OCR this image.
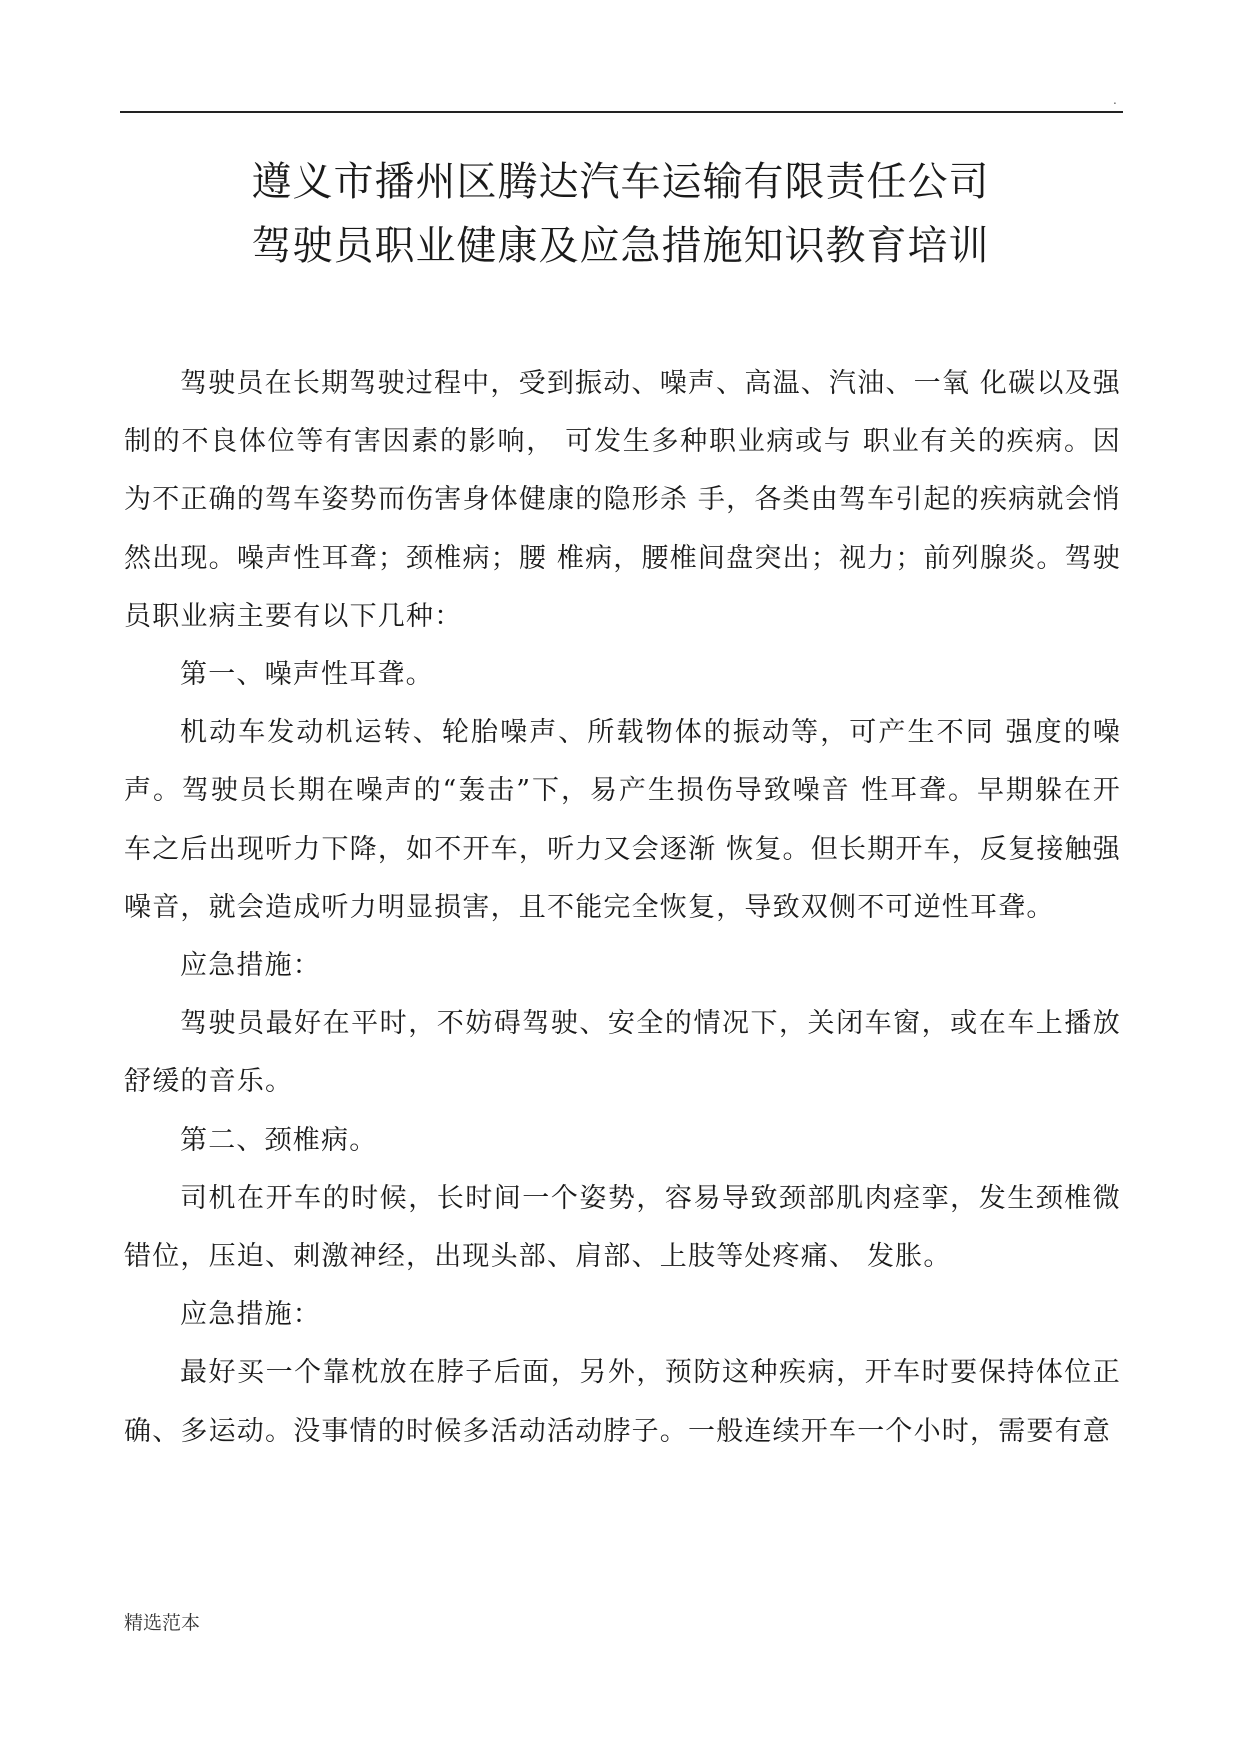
.
遵义市播州区腾达汽车运输有限责任公司
驾驶员职业健康及应急措施知识教育培训

驾驶员在长期驾驶过程中，受到振动、噪声、高温、汽油、一氧 化碳以及强制的不良体位等有害因素的影响， 可发生多种职业病或与 职业有关的疾病。因为不正确的驾车姿势而伤害身体健康的隐形杀 手，各类由驾车引起的疾病就会悄然出现。噪声性耳聋；颈椎病；腰 椎病，腰椎间盘突出；视力；前列腺炎。驾驶员职业病主要有以下几种：

第一、噪声性耳聋。

机动车发动机运转、轮胎噪声、所载物体的振动等，可产生不同 强度的噪声。驾驶员长期在噪声的“轰击”下，易产生损伤导致噪音 性耳聋。早期躲在开车之后出现听力下降，如不开车，听力又会逐渐 恢复。但长期开车，反复接触强噪音，就会造成听力明显损害，且不能完全恢复，导致双侧不可逆性耳聋。

应急措施：

驾驶员最好在平时，不妨碍驾驶、安全的情况下，关闭车窗，或在车上播放舒缓的音乐。

第二、颈椎病。

司机在开车的时候，长时间一个姿势，容易导致颈部肌肉痉挛，发生颈椎微错位，压迫、刺激神经，出现头部、肩部、上肢等处疼痛、 发胀。

应急措施：

最好买一个靠枕放在脖子后面，另外，预防这种疾病，开车时要保持体位正确、多运动。没事情的时候多活动活动脖子。一般连续开车一个小时，需要有意

精选范本
